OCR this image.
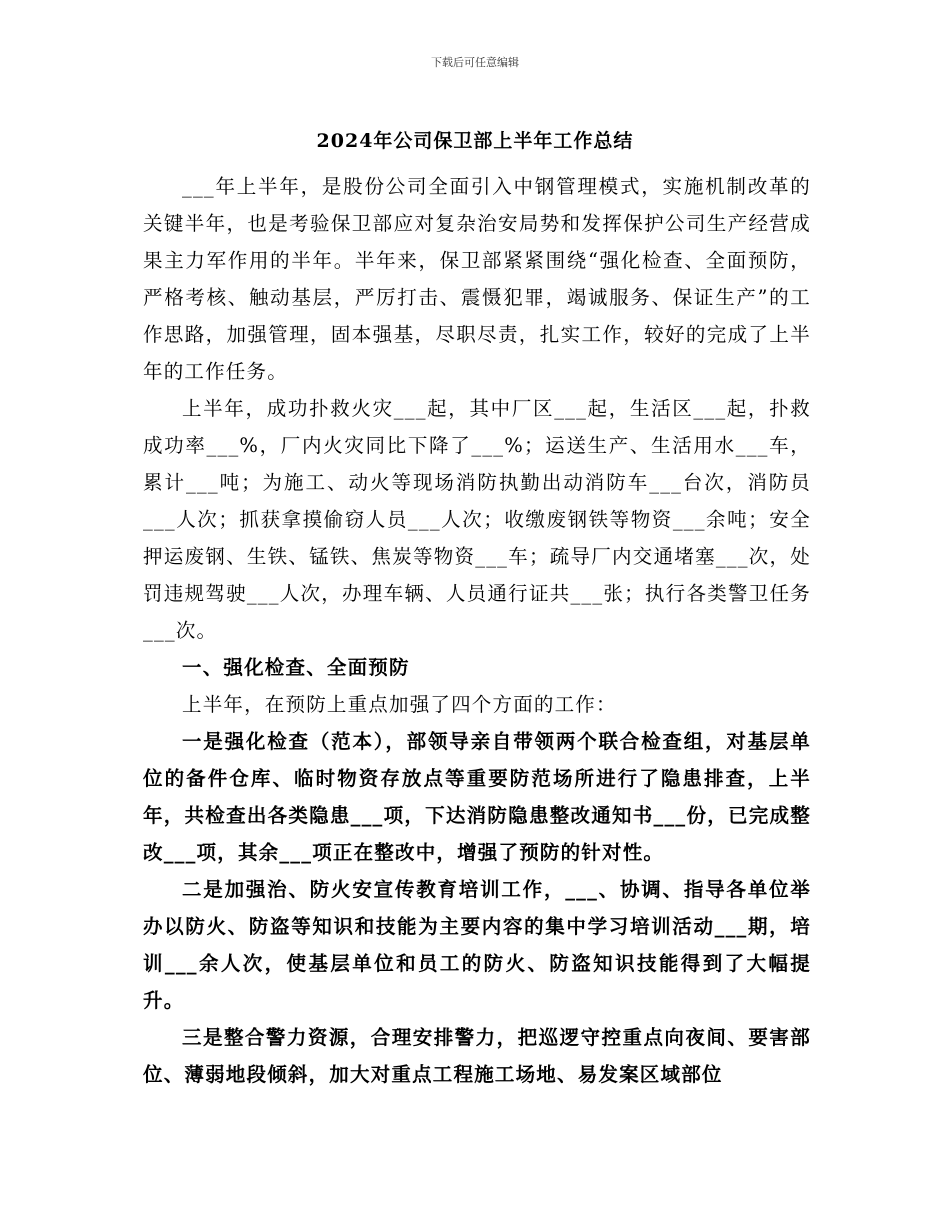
下载后可任意编辑
2024年公司保卫部上半年工作总结

___年上半年，是股份公司全面引入中钢管理模式，实施机制改革的关键半年，也是考验保卫部应对复杂治安局势和发挥保护公司生产经营成果主力军作用的半年。半年来，保卫部紧紧围绕“强化检查、全面预防，严格考核、触动基层，严厉打击、震慑犯罪，竭诚服务、保证生产”的工作思路，加强管理，固本强基，尽职尽责，扎实工作，较好的完成了上半年的工作任务。

上半年，成功扑救火灾___起，其中厂区___起，生活区___起，扑救成功率___%，厂内火灾同比下降了___%；运送生产、生活用水___车，累计___吨；为施工、动火等现场消防执勤出动消防车___台次，消防员___人次；抓获拿摸偷窃人员___人次；收缴废钢铁等物资___余吨；安全押运废钢、生铁、锰铁、焦炭等物资___车；疏导厂内交通堵塞___次，处罚违规驾驶___人次，办理车辆、人员通行证共___张；执行各类警卫任务___次。

一、强化检查、全面预防

上半年，在预防上重点加强了四个方面的工作：

一是强化检查（范本），部领导亲自带领两个联合检查组，对基层单位的备件仓库、临时物资存放点等重要防范场所进行了隐患排查，上半年，共检查出各类隐患___项，下达消防隐患整改通知书___份，已完成整改___项，其余___项正在整改中，增强了预防的针对性。

二是加强治、防火安宣传教育培训工作，___、协调、指导各单位举办以防火、防盗等知识和技能为主要内容的集中学习培训活动___期，培训___余人次，使基层单位和员工的防火、防盗知识技能得到了大幅提升。

三是整合警力资源，合理安排警力，把巡逻守控重点向夜间、要害部位、薄弱地段倾斜，加大对重点工程施工场地、易发案区域部位
